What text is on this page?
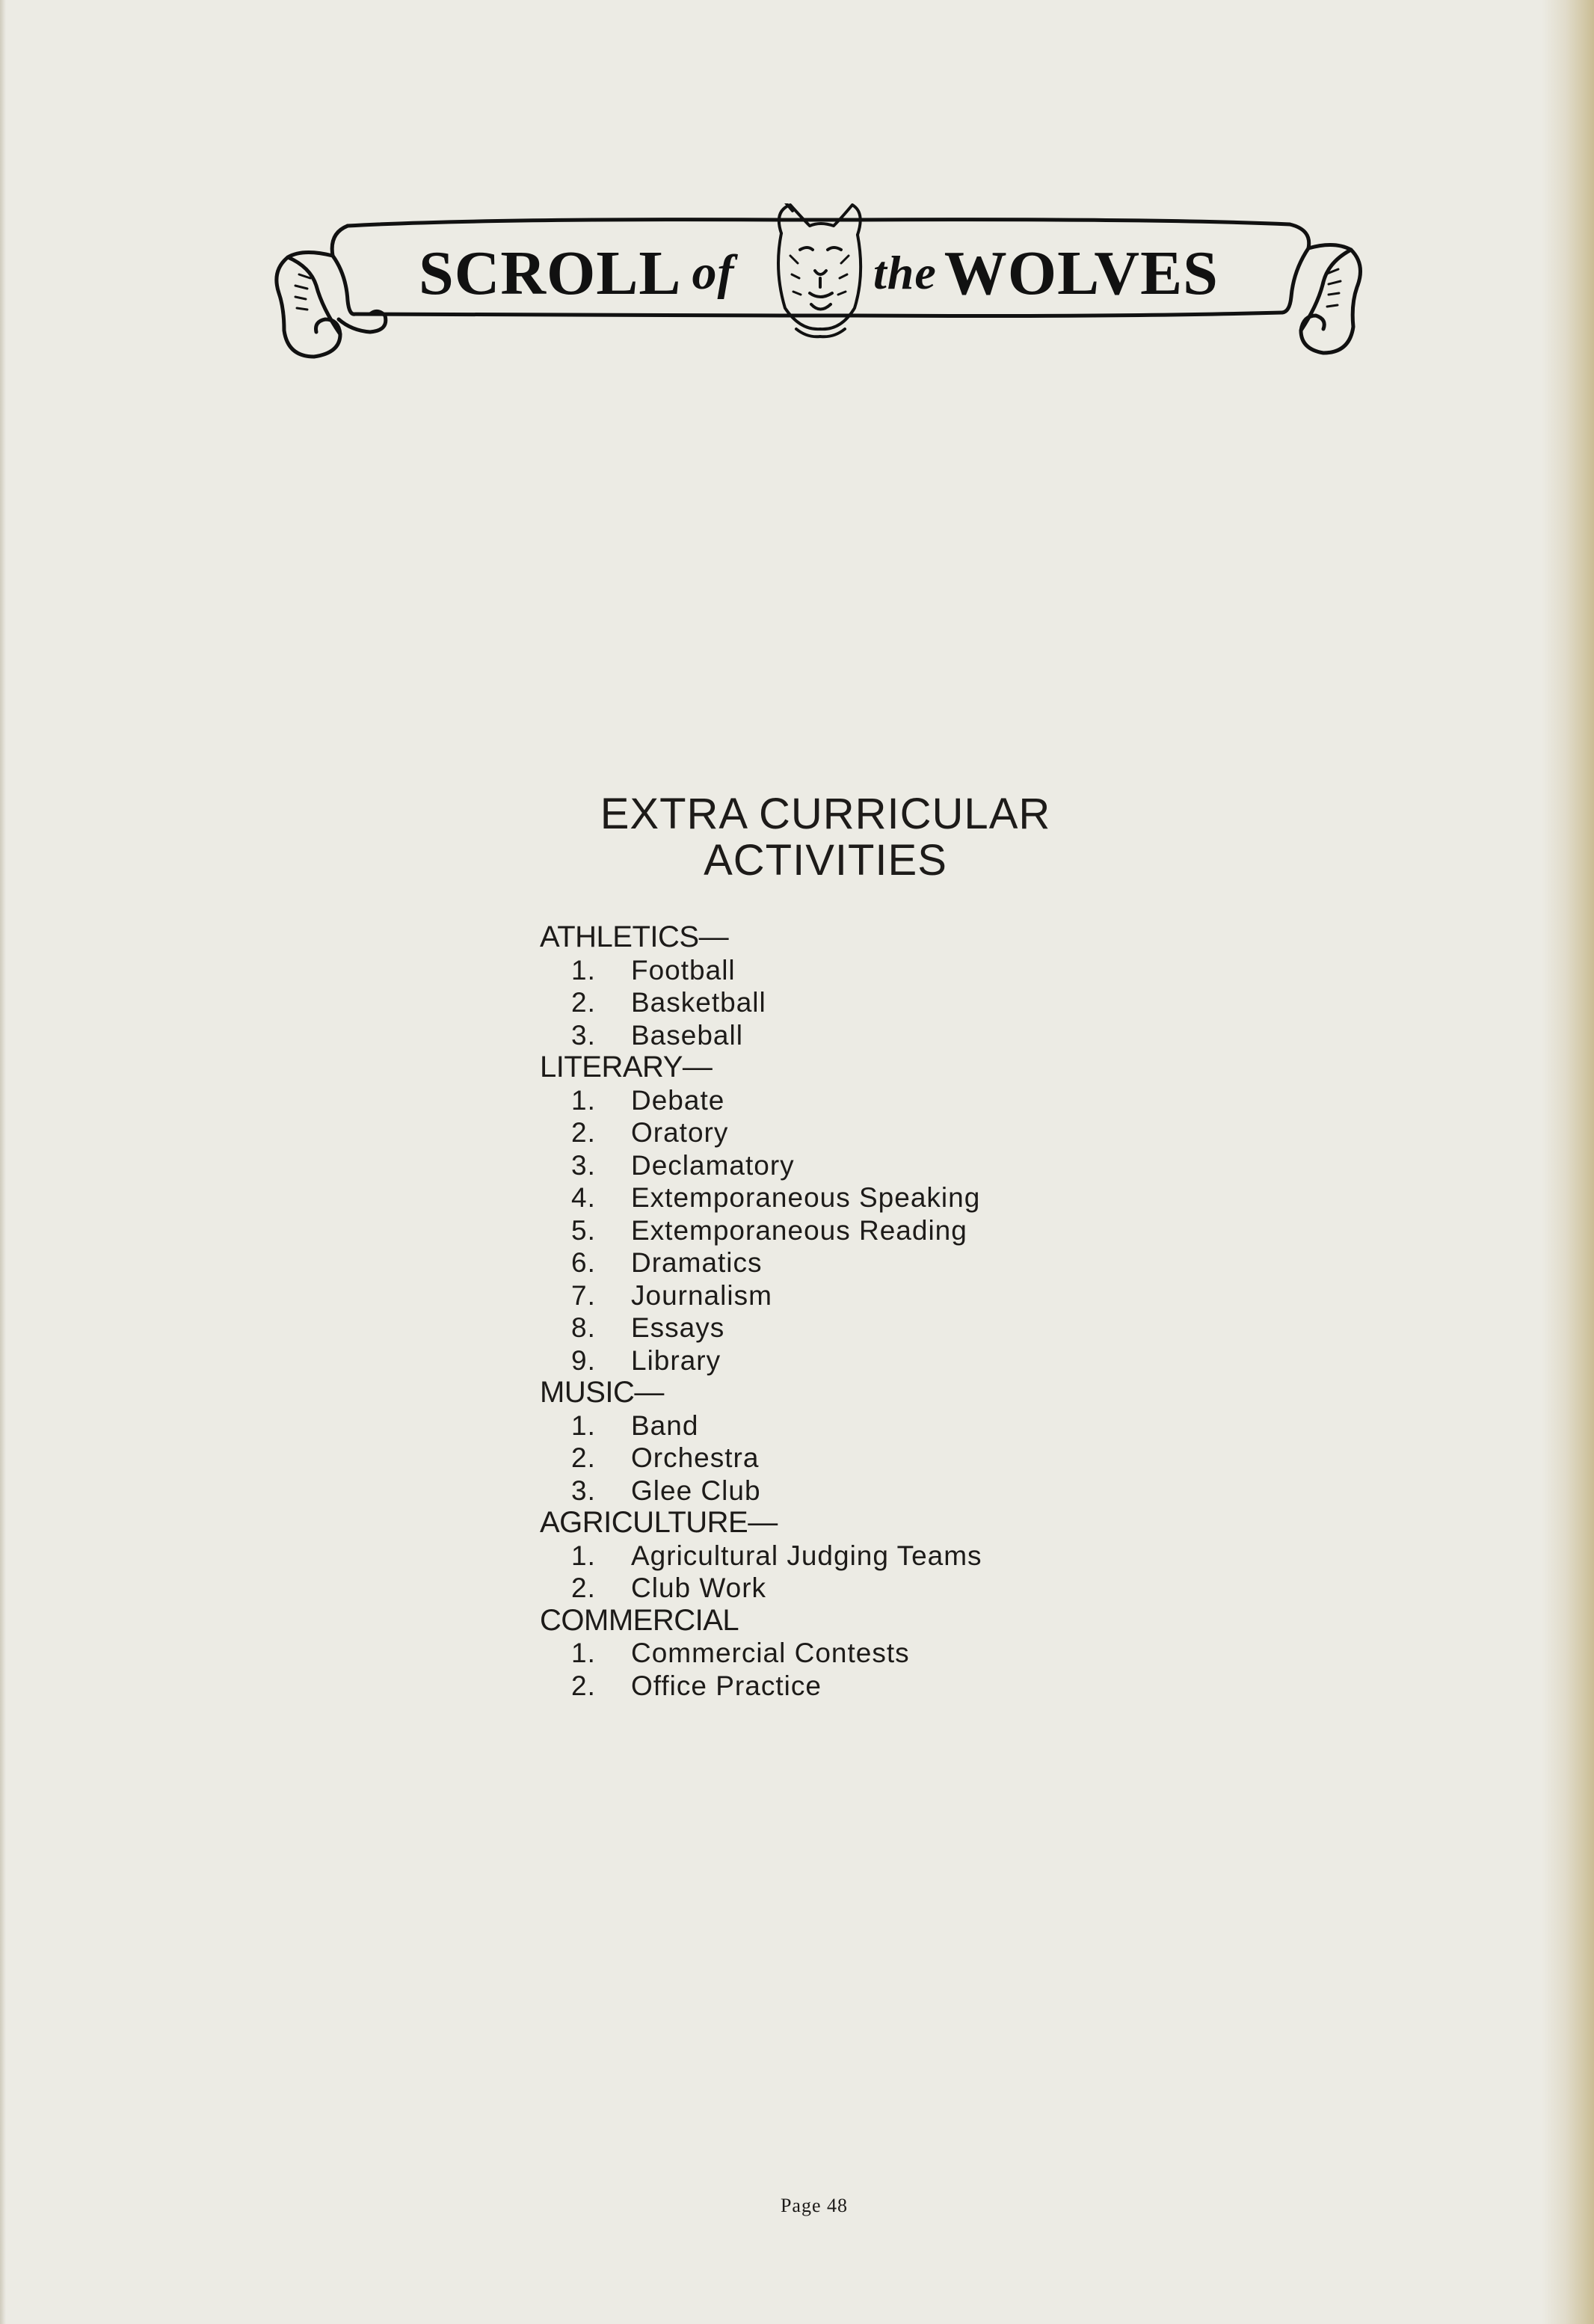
SCROLL of	the WOLVES
EXTRA CURRICULAR
ACTIVITIES
ATHLETICS—
1. Football
2. Basketball
3. Baseball
LITERARY—
1. Debate
2. Oratory
3. Declamatory
4. Extemporaneous Speaking
5. Extemporaneous Reading
6. Dramatics
7. Journalism
8. Essays
9. Library
MUSIC—
1. Band
2. Orchestra
3. Glee Club
AGRICULTURE—
1. Agricultural Judging Teams
2. Club Work
COMMERCIAL
1. Commercial Contests
2. Office Practice
Page 48
